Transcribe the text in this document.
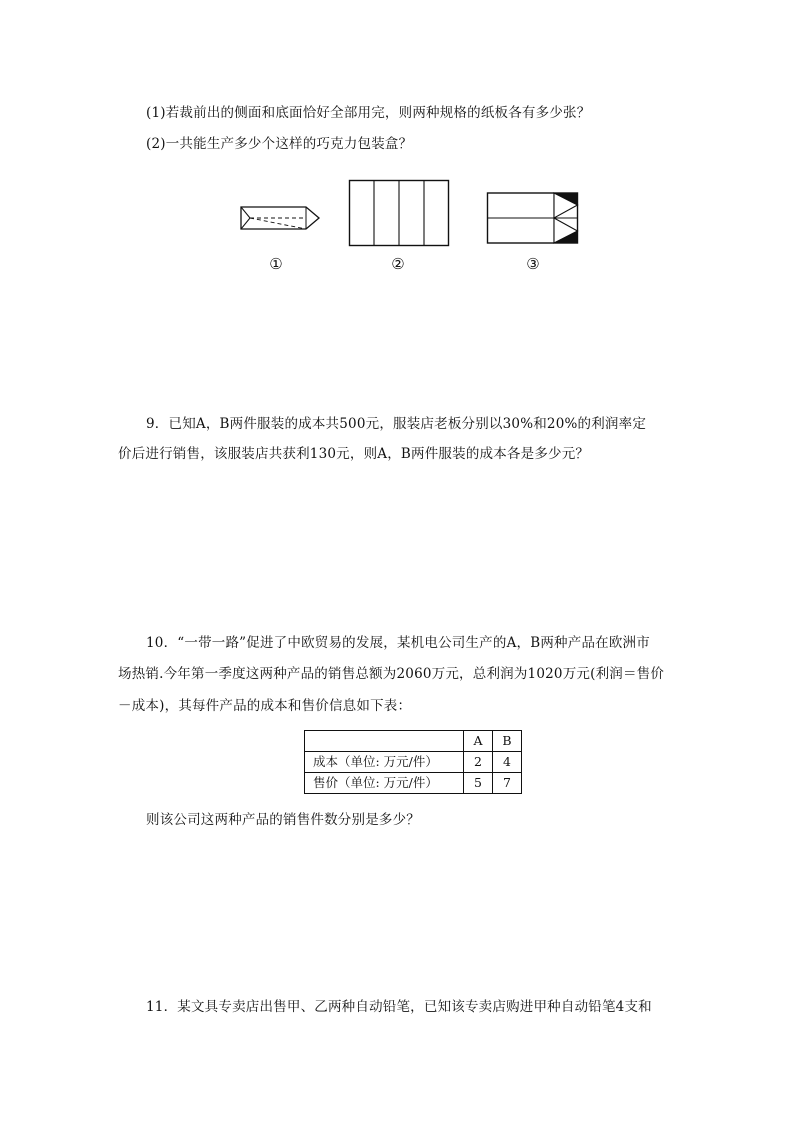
(1)若裁前出的侧面和底面恰好全部用完，则两种规格的纸板各有多少张？
(2)一共能生产多少个这样的巧克力包装盒？
①	②	③
9．已知A，B两件服装的成本共500元，服装店老板分别以30%和20%的利润率定
价后进行销售，该服装店共获利130元，则A，B两件服装的成本各是多少元？
10．“一带一路”促进了中欧贸易的发展，某机电公司生产的A，B两种产品在欧洲市
场热销.今年第一季度这两种产品的销售总额为2060万元，总利润为1020万元(利润＝售价
－成本)，其每件产品的成本和售价信息如下表：
	A	B
成本（单位: 万元/件）	2	4
售价（单位: 万元/件）	5	7
则该公司这两种产品的销售件数分别是多少？
11．某文具专卖店出售甲、乙两种自动铅笔，已知该专卖店购进甲种自动铅笔4支和
